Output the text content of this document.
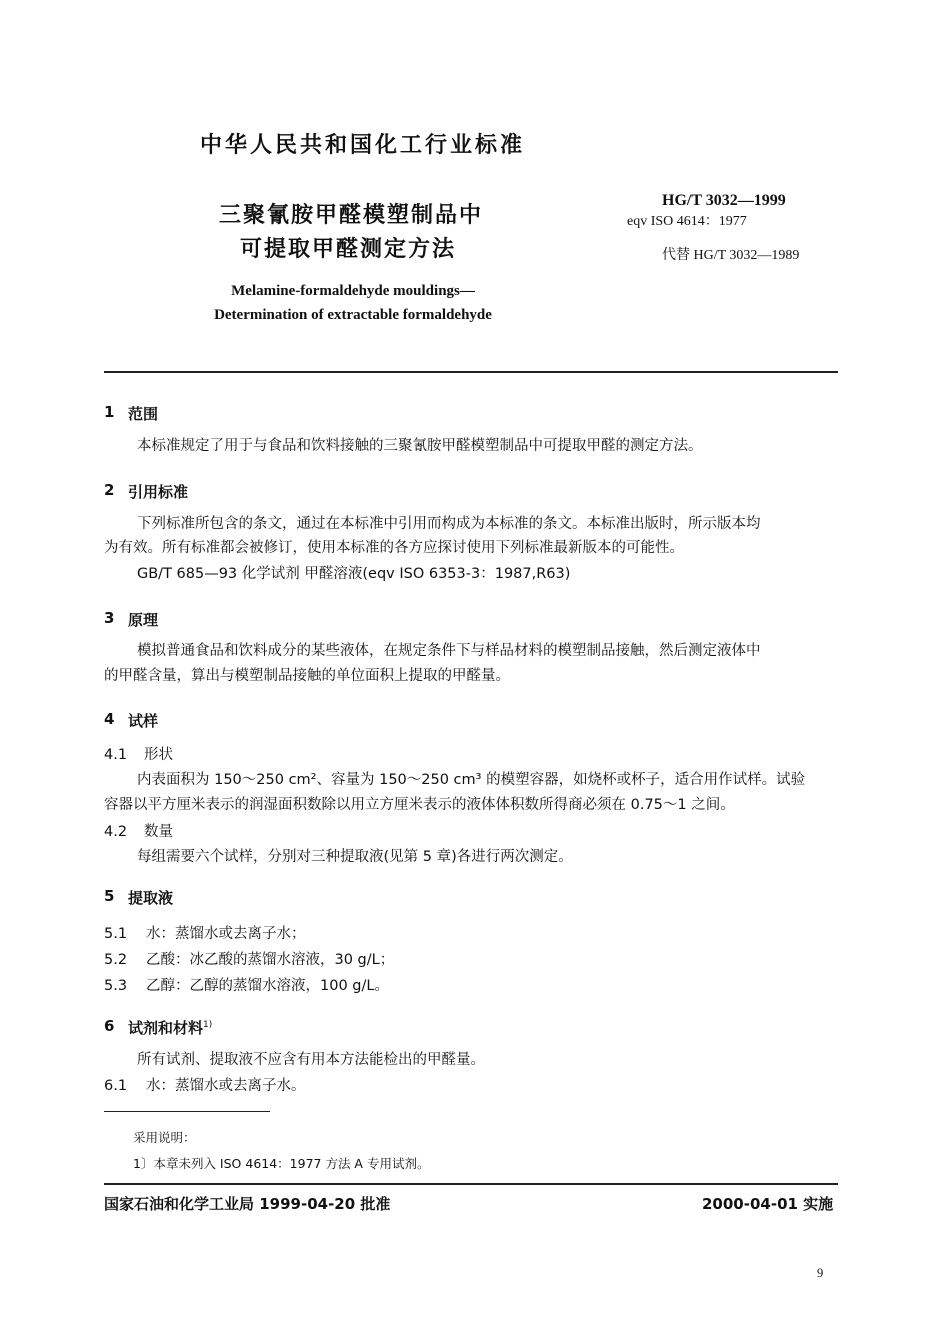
中华人民共和国化工行业标准
三聚氰胺甲醛模塑制品中
可提取甲醛测定方法
Melamine-formaldehyde mouldings—
Determination of extractable formaldehyde
HG/T 3032—1999
eqv ISO 4614：1977
代替 HG/T 3032—1989
1 范围
本标准规定了用于与食品和饮料接触的三聚氰胺甲醛模塑制品中可提取甲醛的测定方法。
2 引用标准
下列标准所包含的条文，通过在本标准中引用而构成为本标准的条文。本标准出版时，所示版本均
为有效。所有标准都会被修订，使用本标准的各方应探讨使用下列标准最新版本的可能性。
GB/T 685—93 化学试剂 甲醛溶液(eqv ISO 6353-3：1987,R63)
3 原理
模拟普通食品和饮料成分的某些液体，在规定条件下与样品材料的模塑制品接触，然后测定液体中
的甲醛含量，算出与模塑制品接触的单位面积上提取的甲醛量。
4 试样
4.1 形状
内表面积为 150～250 cm²、容量为 150～250 cm³ 的模塑容器，如烧杯或杯子，适合用作试样。试验
容器以平方厘米表示的润湿面积数除以用立方厘米表示的液体体积数所得商必须在 0.75～1 之间。
4.2 数量
每组需要六个试样，分别对三种提取液(见第 5 章)各进行两次测定。
5 提取液
5.1 水：蒸馏水或去离子水；
5.2 乙酸：冰乙酸的蒸馏水溶液，30 g/L；
5.3 乙醇：乙醇的蒸馏水溶液，100 g/L。
6 试剂和材料$^{1)}$
所有试剂、提取液不应含有用本方法能检出的甲醛量。
6.1 水：蒸馏水或去离子水。
采用说明：
1〕本章未列入 ISO 4614：1977 方法 A 专用试剂。
国家石油和化学工业局 1999-04-20 批准	2000-04-01 实施
9
